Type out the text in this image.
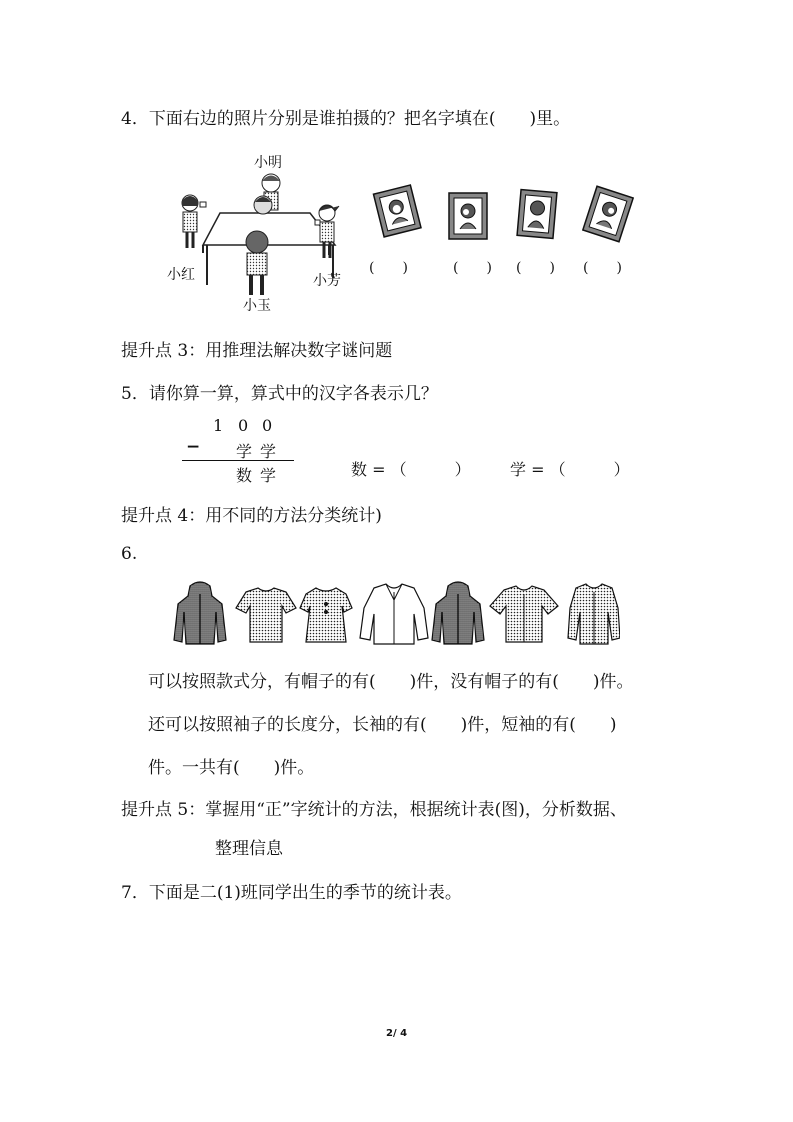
4．下面右边的照片分别是谁拍摄的？把名字填在(　　)里。
小明
小红	小芳
小玉
(　　)	(　　) (　　) (　　)
提升点 3：用推理法解决数字谜问题
5．请你算一算，算式中的汉字各表示几？
1 0 0
− 学 学
数 学	数 = （　　　） 学 = （　　　）
提升点 4：用不同的方法分类统计)
6.
可以按照款式分，有帽子的有(　　)件，没有帽子的有(　　)件。
还可以按照袖子的长度分，长袖的有(　　)件，短袖的有(　　)
件。一共有(　　)件。
提升点 5：掌握用“正”字统计的方法，根据统计表(图)，分析数据、
整理信息
7．下面是二(1)班同学出生的季节的统计表。
2/ 4
